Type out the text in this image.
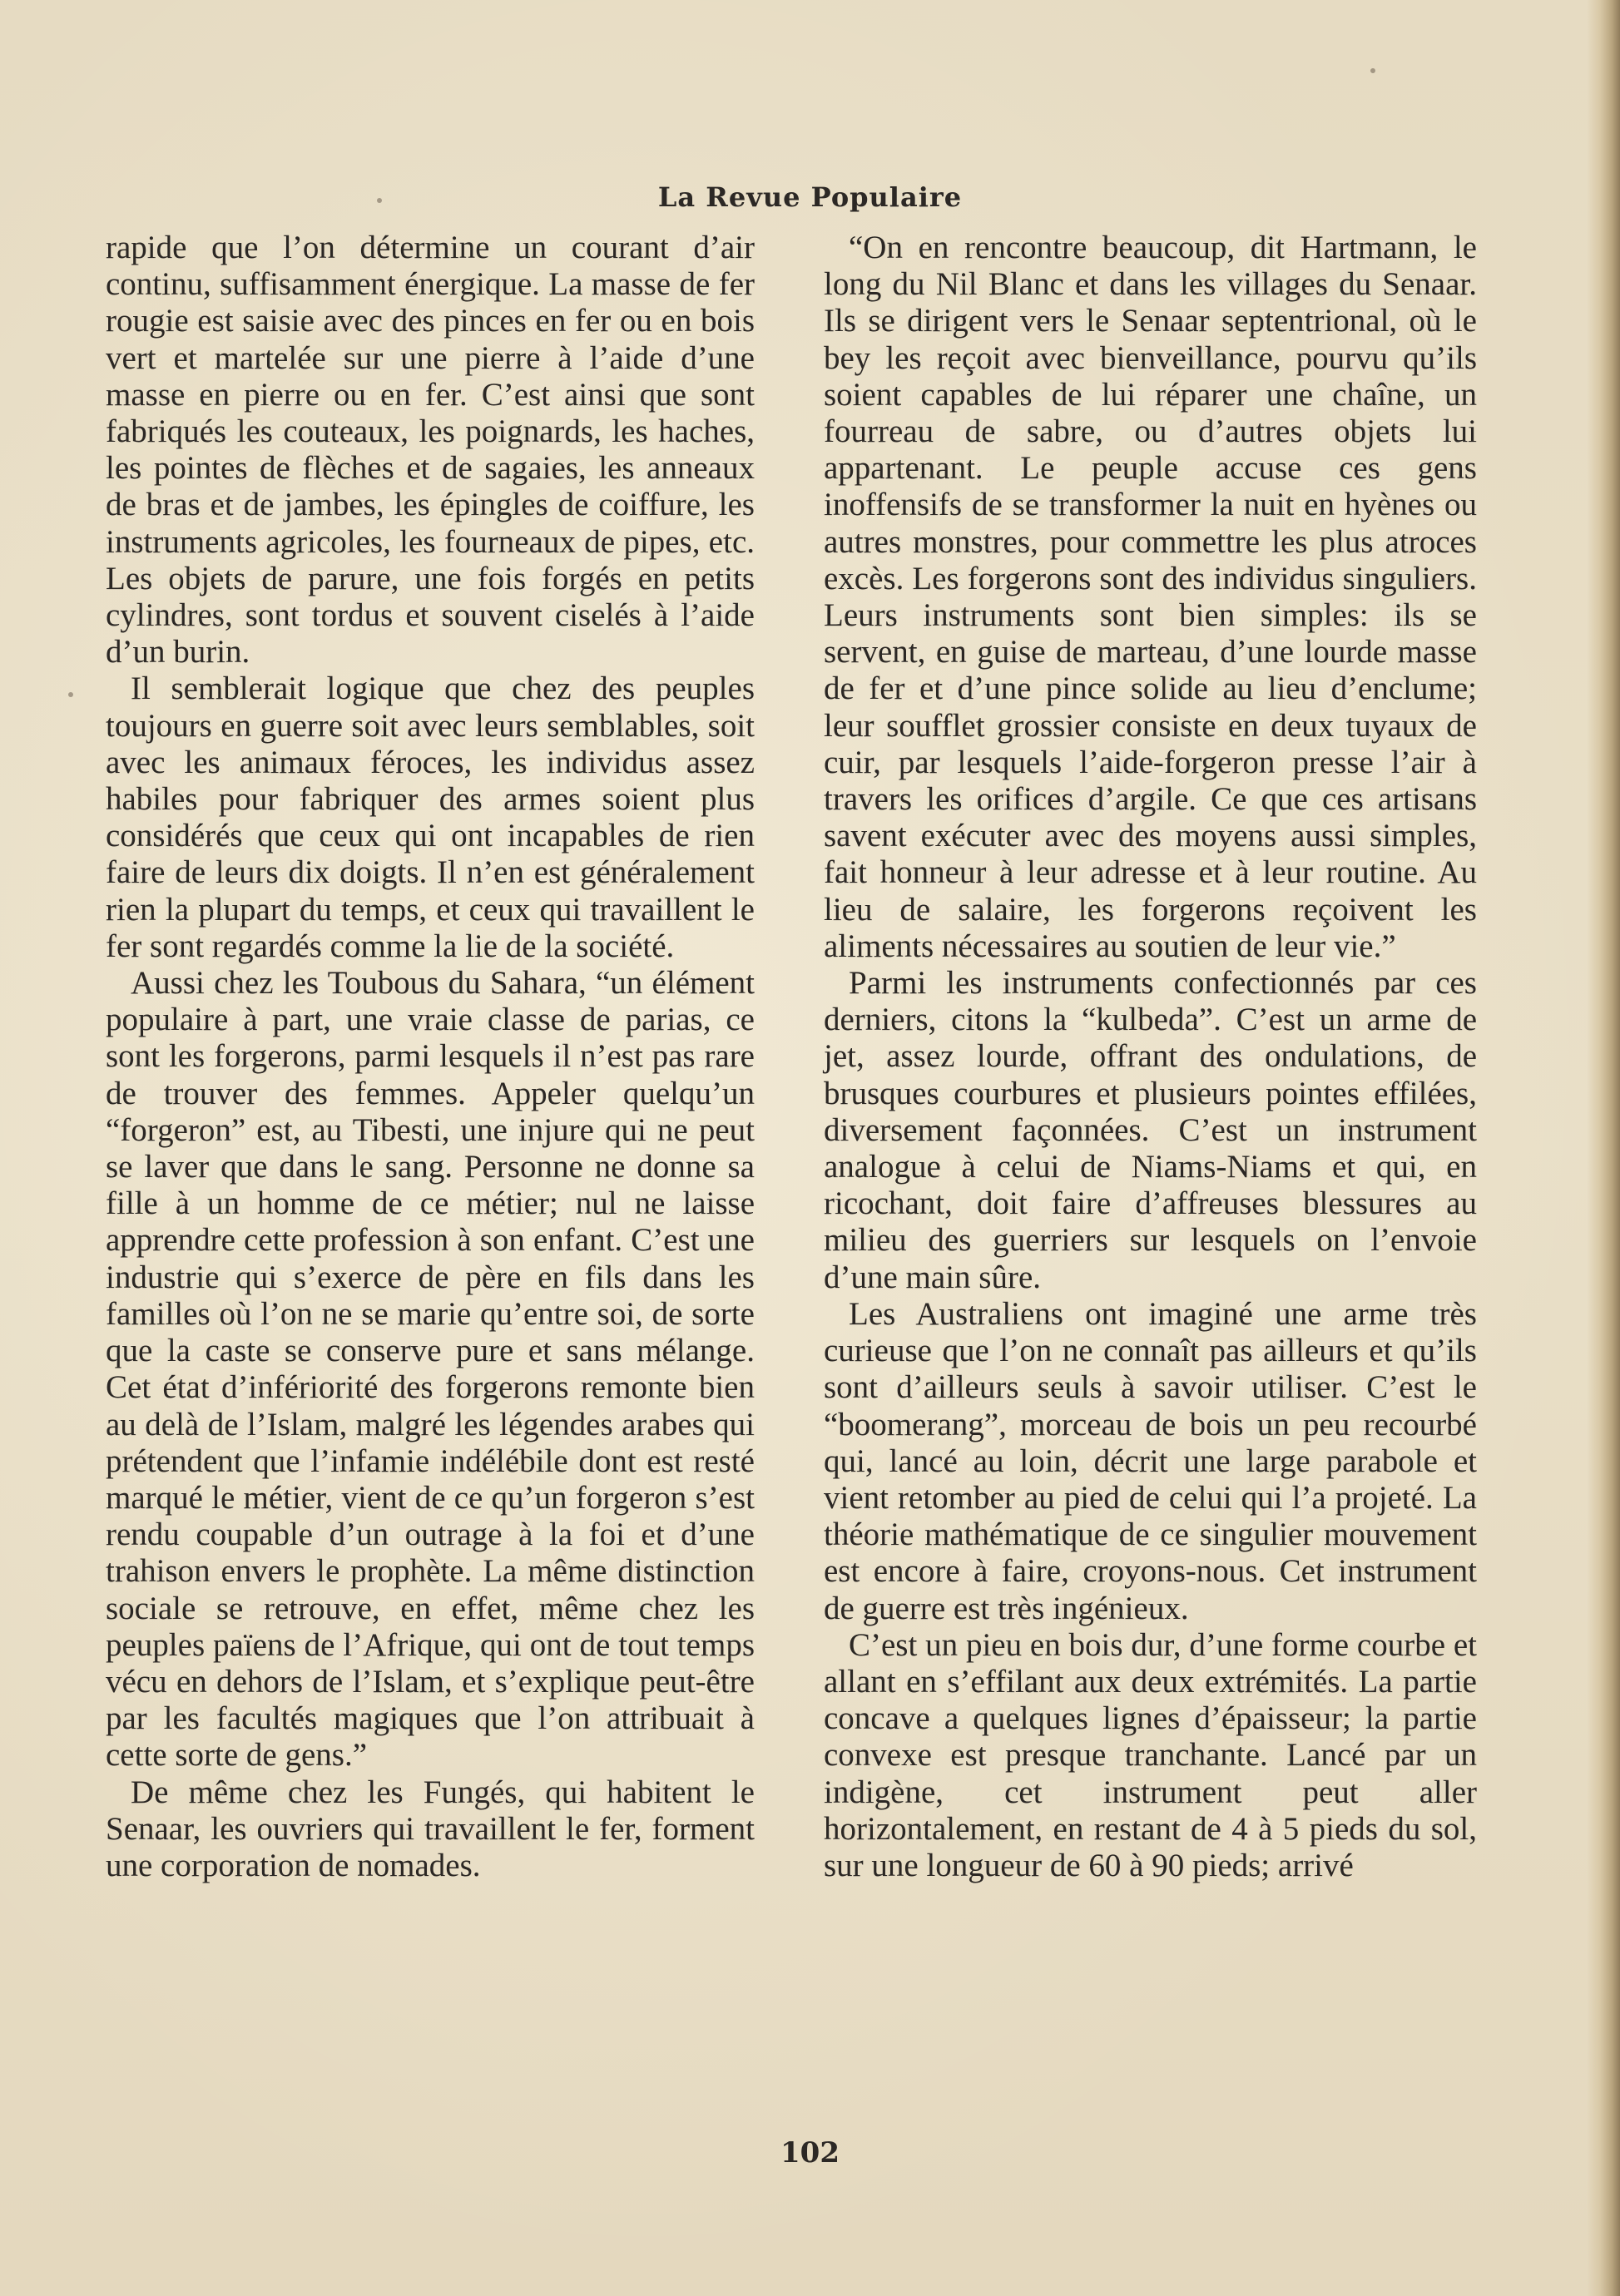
La Revue Populaire

rapide que l’on détermine un courant d’air continu, suffisamment énergique. La masse de fer rougie est saisie avec des pinces en fer ou en bois vert et martelée sur une pierre à l’aide d’une masse en pierre ou en fer. C’est ainsi que sont fabriqués les couteaux, les poignards, les haches, les pointes de flèches et de sagaies, les anneaux de bras et de jambes, les épingles de coiffure, les instruments agricoles, les fourneaux de pipes, etc. Les objets de parure, une fois forgés en petits cylindres, sont tordus et souvent ciselés à l’aide d’un burin.

Il semblerait logique que chez des peuples toujours en guerre soit avec leurs semblables, soit avec les animaux féroces, les individus assez habiles pour fabriquer des armes soient plus considérés que ceux qui ont incapables de rien faire de leurs dix doigts. Il n’en est généralement rien la plupart du temps, et ceux qui travaillent le fer sont regardés comme la lie de la société.

Aussi chez les Toubous du Sahara, “un élément populaire à part, une vraie classe de parias, ce sont les forgerons, parmi lesquels il n’est pas rare de trouver des femmes. Appeler quelqu’un “forgeron” est, au Tibesti, une injure qui ne peut se laver que dans le sang. Personne ne donne sa fille à un homme de ce métier; nul ne laisse apprendre cette profession à son enfant. C’est une industrie qui s’exerce de père en fils dans les familles où l’on ne se marie qu’entre soi, de sorte que la caste se conserve pure et sans mélange. Cet état d’infériorité des forgerons remonte bien au delà de l’Islam, malgré les légendes arabes qui prétendent que l’infamie indélébile dont est resté marqué le métier, vient de ce qu’un forgeron s’est rendu coupable d’un outrage à la foi et d’une trahison envers le prophète. La même distinction sociale se retrouve, en effet, même chez les peuples païens de l’Afrique, qui ont de tout temps vécu en dehors de l’Islam, et s’explique peut-être par les facultés magiques que l’on attribuait à cette sorte de gens.”

De même chez les Fungés, qui habitent le Senaar, les ouvriers qui travaillent le fer, forment une corporation de nomades.

“On en rencontre beaucoup, dit Hartmann, le long du Nil Blanc et dans les villages du Senaar. Ils se dirigent vers le Senaar septentrional, où le bey les reçoit avec bienveillance, pourvu qu’ils soient capables de lui réparer une chaîne, un fourreau de sabre, ou d’autres objets lui appartenant. Le peuple accuse ces gens inoffensifs de se transformer la nuit en hyènes ou autres monstres, pour commettre les plus atroces excès. Les forgerons sont des individus singuliers. Leurs instruments sont bien simples: ils se servent, en guise de marteau, d’une lourde masse de fer et d’une pince solide au lieu d’enclume; leur soufflet grossier consiste en deux tuyaux de cuir, par lesquels l’aide-forgeron presse l’air à travers les orifices d’argile. Ce que ces artisans savent exécuter avec des moyens aussi simples, fait honneur à leur adresse et à leur routine. Au lieu de salaire, les forgerons reçoivent les aliments nécessaires au soutien de leur vie.”

Parmi les instruments confectionnés par ces derniers, citons la “kulbeda”. C’est un arme de jet, assez lourde, offrant des ondulations, de brusques courbures et plusieurs pointes effilées, diversement façonnées. C’est un instrument analogue à celui de Niams-Niams et qui, en ricochant, doit faire d’affreuses blessures au milieu des guerriers sur lesquels on l’envoie d’une main sûre.

Les Australiens ont imaginé une arme très curieuse que l’on ne connaît pas ailleurs et qu’ils sont d’ailleurs seuls à savoir utiliser. C’est le “boomerang”, morceau de bois un peu recourbé qui, lancé au loin, décrit une large parabole et vient retomber au pied de celui qui l’a projeté. La théorie mathématique de ce singulier mouvement est encore à faire, croyons-nous. Cet instrument de guerre est très ingénieux.

C’est un pieu en bois dur, d’une forme courbe et allant en s’effilant aux deux extrémités. La partie concave a quelques lignes d’épaisseur; la partie convexe est presque tranchante. Lancé par un indigène, cet instrument peut aller horizontalement, en restant de 4 à 5 pieds du sol, sur une longueur de 60 à 90 pieds; arrivé

102
